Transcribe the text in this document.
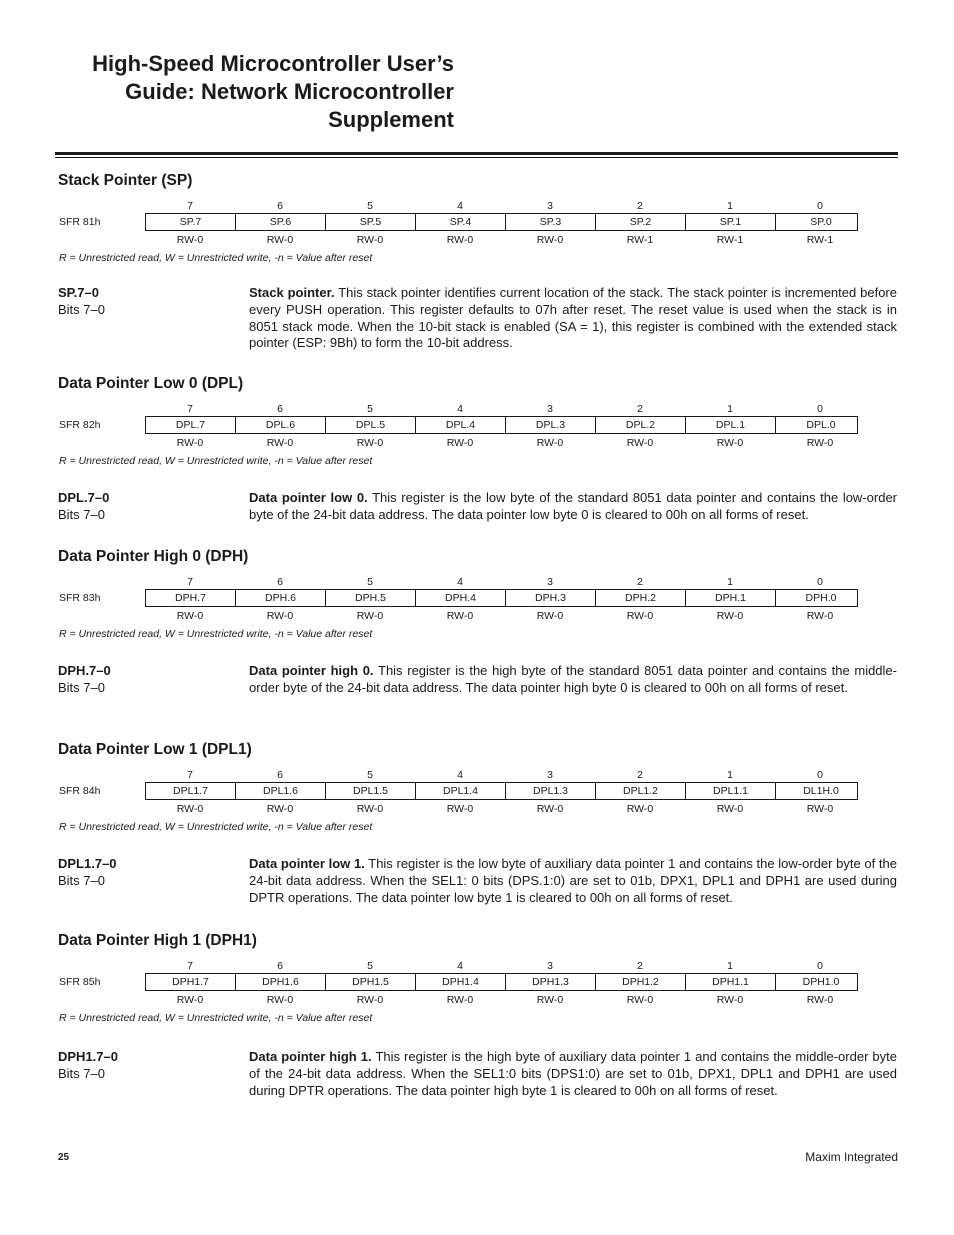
High-Speed Microcontroller User’s
Guide: Network Microcontroller
Supplement
Stack Pointer (SP)
7	6	5	4	3	2	1	0
SFR 81h	SP.7	SP.6	SP.5	SP.4	SP.3	SP.2	SP.1	SP.0
RW-0	RW-0	RW-0	RW-0	RW-0	RW-1	RW-1	RW-1
R = Unrestricted read, W = Unrestricted write, -n = Value after reset
SP.7–0
Bits 7–0

Stack pointer. This stack pointer identifies current location of the stack. The stack pointer is incremented before every PUSH operation. This register defaults to 07h after reset. The reset value is used when the stack is in 8051 stack mode. When the 10-bit stack is enabled (SA = 1), this register is combined with the extended stack pointer (ESP: 9Bh) to form the 10-bit address.

Data Pointer Low 0 (DPL)
7	6	5	4	3	2	1	0
SFR 82h	DPL.7	DPL.6	DPL.5	DPL.4	DPL.3	DPL.2	DPL.1	DPL.0
RW-0	RW-0	RW-0	RW-0	RW-0	RW-0	RW-0	RW-0
R = Unrestricted read, W = Unrestricted write, -n = Value after reset
DPL.7–0
Bits 7–0

Data pointer low 0. This register is the low byte of the standard 8051 data pointer and contains the low-order byte of the 24-bit data address. The data pointer low byte 0 is cleared to 00h on all forms of reset.

Data Pointer High 0 (DPH)
7	6	5	4	3	2	1	0
SFR 83h	DPH.7	DPH.6	DPH.5	DPH.4	DPH.3	DPH.2	DPH.1	DPH.0
RW-0	RW-0	RW-0	RW-0	RW-0	RW-0	RW-0	RW-0
R = Unrestricted read, W = Unrestricted write, -n = Value after reset
DPH.7–0
Bits 7–0

Data pointer high 0. This register is the high byte of the standard 8051 data pointer and contains the middle-order byte of the 24-bit data address. The data pointer high byte 0 is cleared to 00h on all forms of reset.

Data Pointer Low 1 (DPL1)
7	6	5	4	3	2	1	0
SFR 84h	DPL1.7	DPL1.6	DPL1.5	DPL1.4	DPL1.3	DPL1.2	DPL1.1	DL1H.0
RW-0	RW-0	RW-0	RW-0	RW-0	RW-0	RW-0	RW-0
R = Unrestricted read, W = Unrestricted write, -n = Value after reset
DPL1.7–0
Bits 7–0

Data pointer low 1. This register is the low byte of auxiliary data pointer 1 and contains the low-order byte of the 24-bit data address. When the SEL1: 0 bits (DPS.1:0) are set to 01b, DPX1, DPL1 and DPH1 are used during DPTR operations. The data pointer low byte 1 is cleared to 00h on all forms of reset.

Data Pointer High 1 (DPH1)
7	6	5	4	3	2	1	0
SFR 85h	DPH1.7	DPH1.6	DPH1.5	DPH1.4	DPH1.3	DPH1.2	DPH1.1	DPH1.0
RW-0	RW-0	RW-0	RW-0	RW-0	RW-0	RW-0	RW-0
R = Unrestricted read, W = Unrestricted write, -n = Value after reset
DPH1.7–0
Bits 7–0

Data pointer high 1. This register is the high byte of auxiliary data pointer 1 and contains the middle-order byte of the 24-bit data address. When the SEL1:0 bits (DPS1:0) are set to 01b, DPX1, DPL1 and DPH1 are used during DPTR operations. The data pointer high byte 1 is cleared to 00h on all forms of reset.

25	Maxim Integrated
